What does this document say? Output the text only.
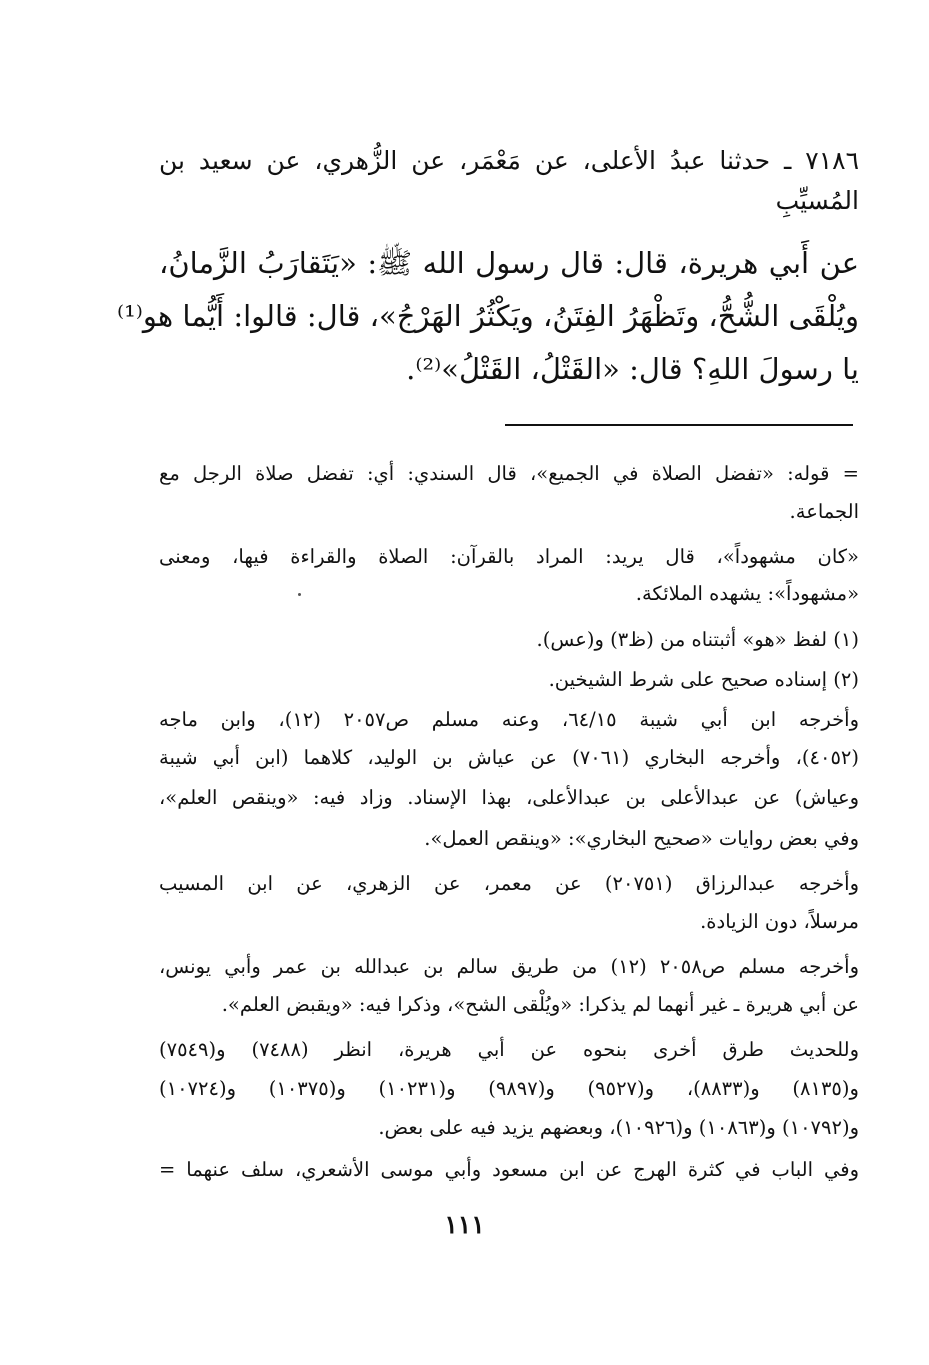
٧١٨٦ ـ حدثنا عبدُ الأعلى، عن مَعْمَر، عن الزُّهري، عن سعيد بن
المُسيِّبِ
عن أَبي هريرة، قال: قال رسول الله ﷺ: «يَتَقارَبُ الزَّمانُ،
ويُلْقَى الشُّحُّ، وتَظْهَرُ الفِتَنُ، ويَكْثُرُ الهَرْجُ»، قال: قالوا: أَيُّما هو⁽¹⁾
يا رسولَ اللهِ؟ قال: «القَتْلُ، القَتْلُ»⁽²⁾.
= قوله: «تفضل الصلاة في الجميع»، قال السندي: أي: تفضل صلاة الرجل مع
الجماعة.
«كان مشهوداً»، قال يريد: المراد بالقرآن: الصلاة والقراءة فيها، ومعنى
«مشهوداً»: يشهده الملائكة.
(١) لفظ «هو» أثبتناه من (ظ٣) و(عس).
(٢) إسناده صحيح على شرط الشيخين.
وأخرجه ابن أبي شيبة ٦٤/١٥، وعنه مسلم ص٢٠٥٧ (١٢)، وابن ماجه
(٤٠٥٢)، وأخرجه البخاري (٧٠٦١) عن عياش بن الوليد، كلاهما (ابن أبي شيبة
وعياش) عن عبدالأعلى بن عبدالأعلى، بهذا الإسناد. وزاد فيه: «وينقص العلم»،
وفي بعض روايات «صحيح البخاري»: «وينقص العمل».
وأخرجه عبدالرزاق (٢٠٧٥١) عن معمر، عن الزهري، عن ابن المسيب
مرسلاً، دون الزيادة.
وأخرجه مسلم ص٢٠٥٨ (١٢) من طريق سالم بن عبدالله بن عمر وأبي يونس،
عن أبي هريرة ـ غير أنهما لم يذكرا: «ويُلْقى الشح»، وذكرا فيه: «ويقبض العلم».
وللحديث طرق أخرى بنحوه عن أبي هريرة، انظر (٧٤٨٨) و(٧٥٤٩)
و(٨١٣٥) و(٨٨٣٣)، و(٩٥٢٧) و(٩٨٩٧) و(١٠٢٣١) و(١٠٣٧٥) و(١٠٧٢٤)
و(١٠٧٩٢) و(١٠٨٦٣) و(١٠٩٢٦)، وبعضهم يزيد فيه على بعض.
وفي الباب في كثرة الهرج عن ابن مسعود وأبي موسى الأشعري، سلف عنهما =
١١١
